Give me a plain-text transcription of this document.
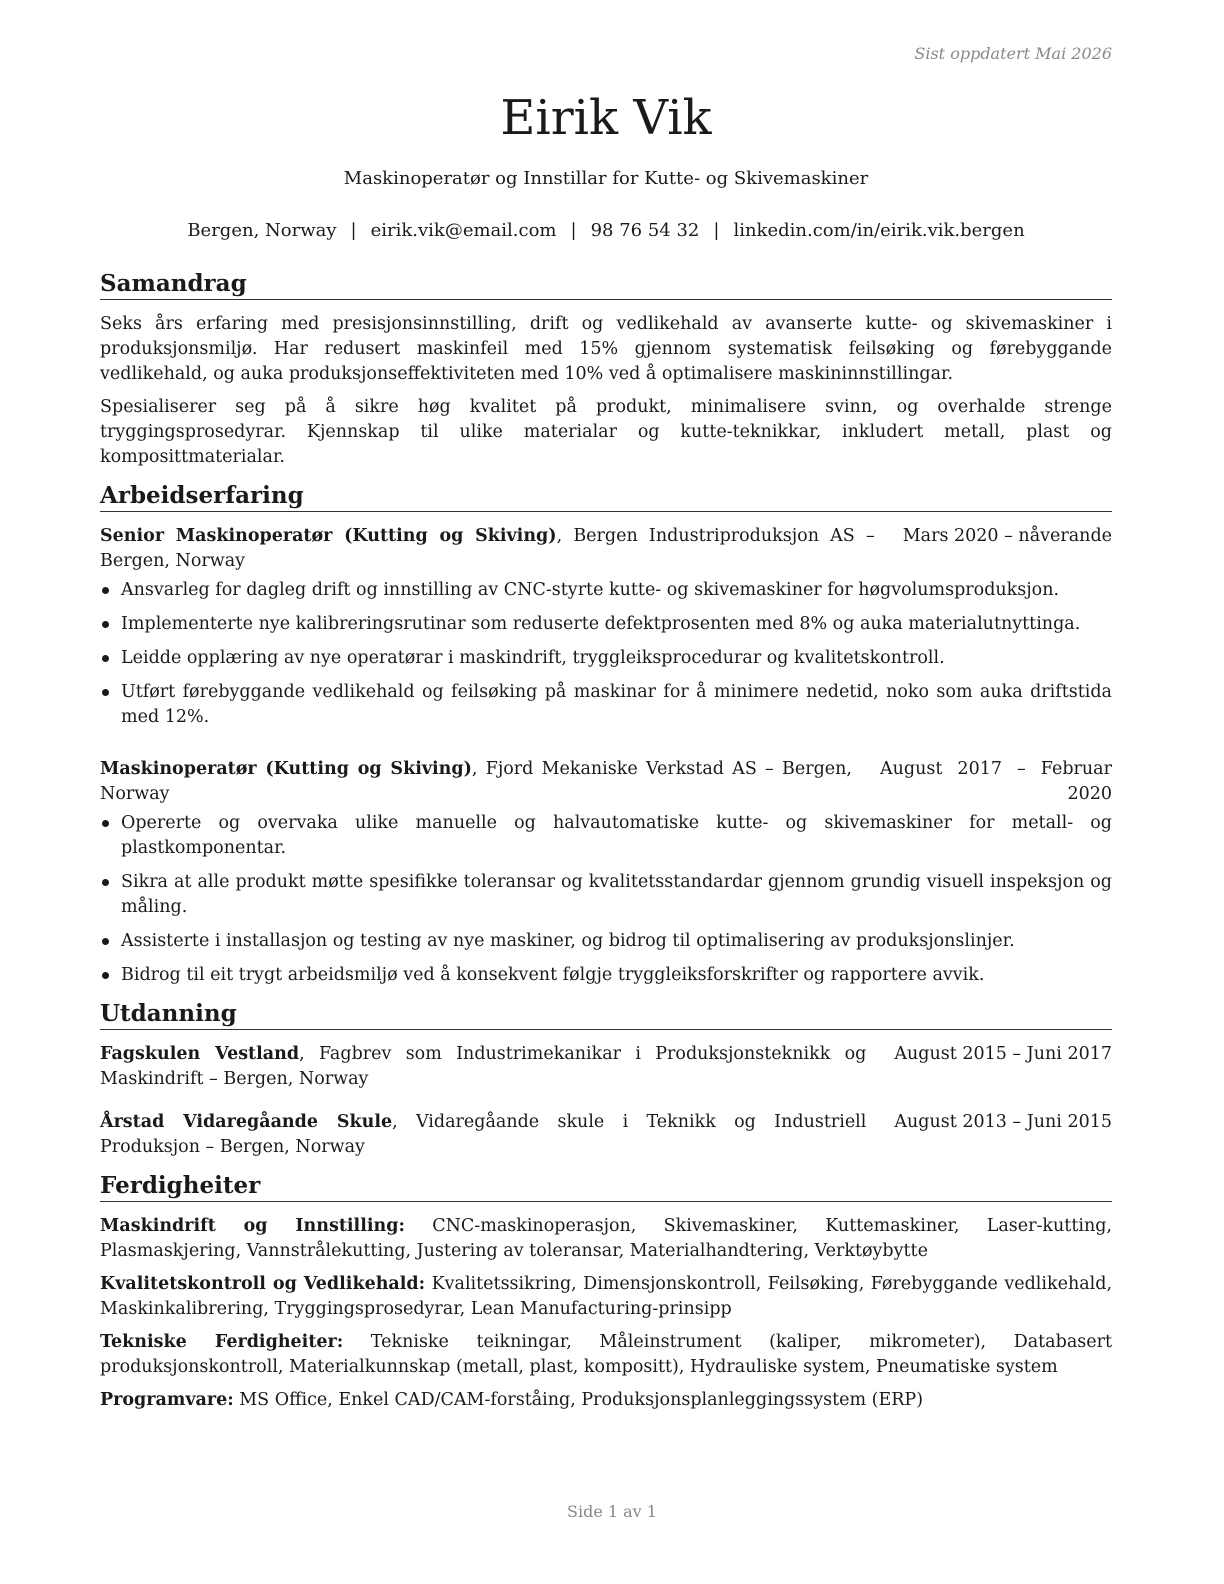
Sist oppdatert Mai 2026
Eirik Vik
Maskinoperatør og Innstillar for Kutte- og Skivemaskiner
Bergen, Norway | eirik.vik@email.com | 98 76 54 32 | linkedin.com/in/eirik.vik.bergen
Samandrag

Seks års erfaring med presisjonsinnstilling, drift og vedlikehald av avanserte kutte- og skivemaskiner i produksjonsmiljø. Har redusert maskinfeil med 15% gjennom systematisk feilsøking og førebyggande vedlikehald, og auka produksjonseffektiviteten med 10% ved å optimalisere maskininnstillingar.

Spesialiserer seg på å sikre høg kvalitet på produkt, minimalisere svinn, og overhalde strenge tryggingsprosedyrar. Kjennskap til ulike materialar og kutte-teknikkar, inkludert metall, plast og komposittmaterialar.

Arbeidserfaring
Senior Maskinoperatør (Kutting og Skiving), Bergen Industriproduksjon AS – Bergen, Norway
Mars 2020 – nåverande
Ansvarleg for dagleg drift og innstilling av CNC-styrte kutte- og skivemaskiner for høgvolumsproduksjon.
Implementerte nye kalibreringsrutinar som reduserte defektprosenten med 8% og auka materialutnyttinga.
Leidde opplæring av nye operatørar i maskindrift, tryggleiksprocedurar og kvalitetskontroll.
Utført førebyggande vedlikehald og feilsøking på maskinar for å minimere nedetid, noko som auka driftstida med 12%.
Maskinoperatør (Kutting og Skiving), Fjord Mekaniske Verkstad AS – Bergen, Norway
August 2017 – Februar 2020
Opererte og overvaka ulike manuelle og halvautomatiske kutte- og skivemaskiner for metall- og plastkomponentar.
Sikra at alle produkt møtte spesifikke toleransar og kvalitetsstandardar gjennom grundig visuell inspeksjon og måling.
Assisterte i installasjon og testing av nye maskiner, og bidrog til optimalisering av produksjonslinjer.
Bidrog til eit trygt arbeidsmiljø ved å konsekvent følgje tryggleiksforskrifter og rapportere avvik.
Utdanning
Fagskulen Vestland, Fagbrev som Industrimekanikar i Produksjonsteknikk og Maskindrift – Bergen, Norway
August 2015 – Juni 2017
Årstad Vidaregåande Skule, Vidaregåande skule i Teknikk og Industriell Produksjon – Bergen, Norway
August 2013 – Juni 2015
Ferdigheiter

Maskindrift og Innstilling: CNC-maskinoperasjon, Skivemaskiner, Kuttemaskiner, Laser-kutting, Plasmaskjering, Vannstrålekutting, Justering av toleransar, Materialhandtering, Verktøybytte

Kvalitetskontroll og Vedlikehald: Kvalitetssikring, Dimensjonskontroll, Feilsøking, Førebyggande vedlikehald, Maskinkalibrering, Tryggingsprosedyrar, Lean Manufacturing-prinsipp

Tekniske Ferdigheiter: Tekniske teikningar, Måleinstrument (kaliper, mikrometer), Databasert produksjonskontroll, Materialkunnskap (metall, plast, kompositt), Hydrauliske system, Pneumatiske system

Programvare: MS Office, Enkel CAD/CAM-forståing, Produksjonsplanleggingssystem (ERP)

Side 1 av 1
